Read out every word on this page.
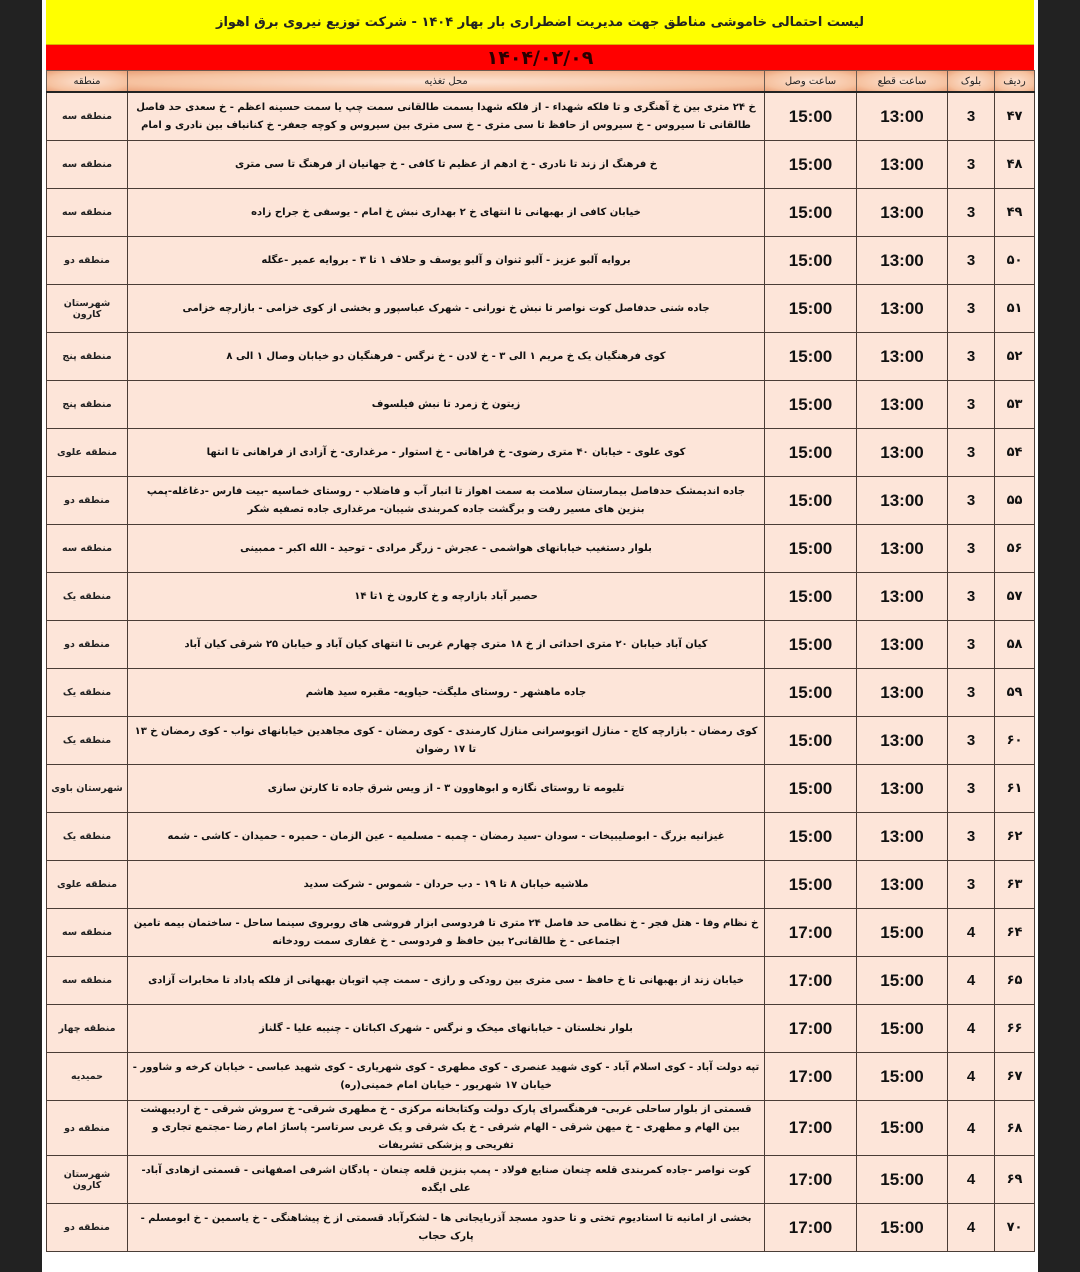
لیست احتمالی خاموشی مناطق جهت مدیریت اضطراری بار بهار ۱۴۰۴ - شرکت توزیع نیروی برق اهواز
۱۴۰۴/۰۲/۰۹
ردیف	بلوک	ساعت قطع	ساعت وصل	محل تغذیه	منطقه
۴۷	3	13:00	15:00	خ ۲۴ متری بین خ آهنگری و تا فلکه شهداء - از فلکه شهدا بسمت طالقانی سمت چپ یا سمت حسینه اعظم - خ سعدی حد فاصل طالقانی تا سیروس - خ سیروس از حافظ تا سی متری - خ سی متری بین سیروس و کوچه جعفر- خ کنانباف بین نادری و امام	منطقه سه
۴۸	3	13:00	15:00	خ فرهنگ از زند تا نادری - خ ادهم از عظیم تا کافی - خ جهانیان از فرهنگ تا سی متری	منطقه سه
۴۹	3	13:00	15:00	خیابان کافی از بهبهانی تا انتهای خ ۲ بهداری نبش خ امام - یوسفی خ جراح زاده	منطقه سه
۵۰	3	13:00	15:00	بروایه آلبو عزیز - آلبو ثنوان و آلبو یوسف و حلاف ۱ تا ۳ - بروایه عمیر -عگله	منطقه دو
۵۱	3	13:00	15:00	جاده شنی حدفاصل کوت نواصر تا نبش خ نورانی - شهرک عباسپور و بخشی از کوی خزامی - بازارچه خزامی	شهرستان کارون
۵۲	3	13:00	15:00	کوی فرهنگیان یک خ مریم ۱ الی ۳ - خ لادن - خ نرگس - فرهنگیان دو خیابان وصال ۱ الی ۸	منطقه پنج
۵۳	3	13:00	15:00	زیتون خ زمرد تا نبش فیلسوف	منطقه پنج
۵۴	3	13:00	15:00	کوی علوی - خیابان ۴۰ متری رضوی- خ فراهانی - خ استوار - مرغداری- خ آزادی از فراهانی تا انتها	منطقه علوی
۵۵	3	13:00	15:00	جاده اندیمشک حدفاصل بیمارستان سلامت به سمت اهواز تا انبار آب و فاضلاب - روستای خماسیه -بیت فارس -دغاغله-پمپ بنزین های مسیر رفت و برگشت جاده کمربندی شیبان- مرغداری جاده تصفیه شکر	منطقه دو
۵۶	3	13:00	15:00	بلوار دستغیب خیابانهای هواشمی - عجرش - زرگر مرادی - توحید - الله اکبر - ممبینی	منطقه سه
۵۷	3	13:00	15:00	حصیر آباد بازارچه و خ کارون خ ۱تا ۱۴	منطقه یک
۵۸	3	13:00	15:00	کیان آباد خیابان ۲۰ متری احداثی از خ ۱۸ متری چهارم غربی تا انتهای کیان آباد و خیابان ۲۵ شرقی کیان آباد	منطقه دو
۵۹	3	13:00	15:00	جاده ماهشهر - روستای ملیگث- حیاویه- مقبره سید هاشم	منطقه یک
۶۰	3	13:00	15:00	کوی رمضان - بازارچه کاج - منازل اتوبوسرانی منازل کارمندی - کوی رمضان - کوی مجاهدین خیابانهای نواب - کوی رمضان خ ۱۳ تا ۱۷ رضوان	منطقه یک
۶۱	3	13:00	15:00	تلیومه تا روستای نگازه و ابوهاوون ۳ - از ویس شرق جاده تا کارتن سازی	شهرستان باوی
۶۲	3	13:00	15:00	غیزانیه بزرگ - ابوصلیبیخات - سودان -سید رمضان - چمبه - مسلمیه - عین الزمان - حمیره - حمیدان - کاشی - شمه	منطقه یک
۶۳	3	13:00	15:00	ملاشیه خیابان ۸ تا ۱۹ - دب حردان - شموس - شرکت سدید	منطقه علوی
۶۴	4	15:00	17:00	خ نظام وفا - هتل فجر - خ نظامی حد فاصل ۲۴ متری تا فردوسی ابزار فروشی های روبروی سینما ساحل - ساختمان بیمه تامین اجتماعی - خ طالقانی۲ بین حافظ و فردوسی - خ غفاری سمت رودخانه	منطقه سه
۶۵	4	15:00	17:00	خیابان زند از بهبهانی تا خ حافظ - سی متری بین رودکی و رازی - سمت چپ اتوبان بهبهانی از فلکه پاداد تا مخابرات آزادی	منطقه سه
۶۶	4	15:00	17:00	بلوار نخلستان - خیابانهای میخک و نرگس - شهرک اکباتان - چنیبه علیا - گلناز	منطقه چهار
۶۷	4	15:00	17:00	تپه دولت آباد - کوی اسلام آباد - کوی شهید عنصری - کوی مطهری - کوی شهریاری - کوی شهید عباسی - خیابان کرخه و شاوور - خیابان ۱۷ شهریور - خیابان امام خمینی(ره)	حمیدیه
۶۸	4	15:00	17:00	قسمتی از بلوار ساحلی غربی- فرهنگسرای پارک دولت وکتابخانه مرکزی - خ مطهری شرقی- خ سروش شرقی - خ اردیبهشت بین الهام و مطهری - خ میهن شرقی - الهام شرقی - خ یک شرقی و یک غربی سرتاسر- پاساژ امام رضا -مجتمع تجاری و تفریحی و پزشکی تشریفات	منطقه دو
۶۹	4	15:00	17:00	کوت نواصر -جاده کمربندی قلعه چنعان صنایع فولاد - پمپ بنزین قلعه چنعان - پادگان اشرفی اصفهانی - قسمتی ازهادی آباد- علی ایگده	شهرستان کارون
۷۰	4	15:00	17:00	بخشی از امانیه تا استادیوم تختی و تا حدود مسجد آذربایجانی ها - لشکرآباد قسمتی از خ پیشاهنگی - خ یاسمین - خ ابومسلم - پارک حجاب	منطقه دو
